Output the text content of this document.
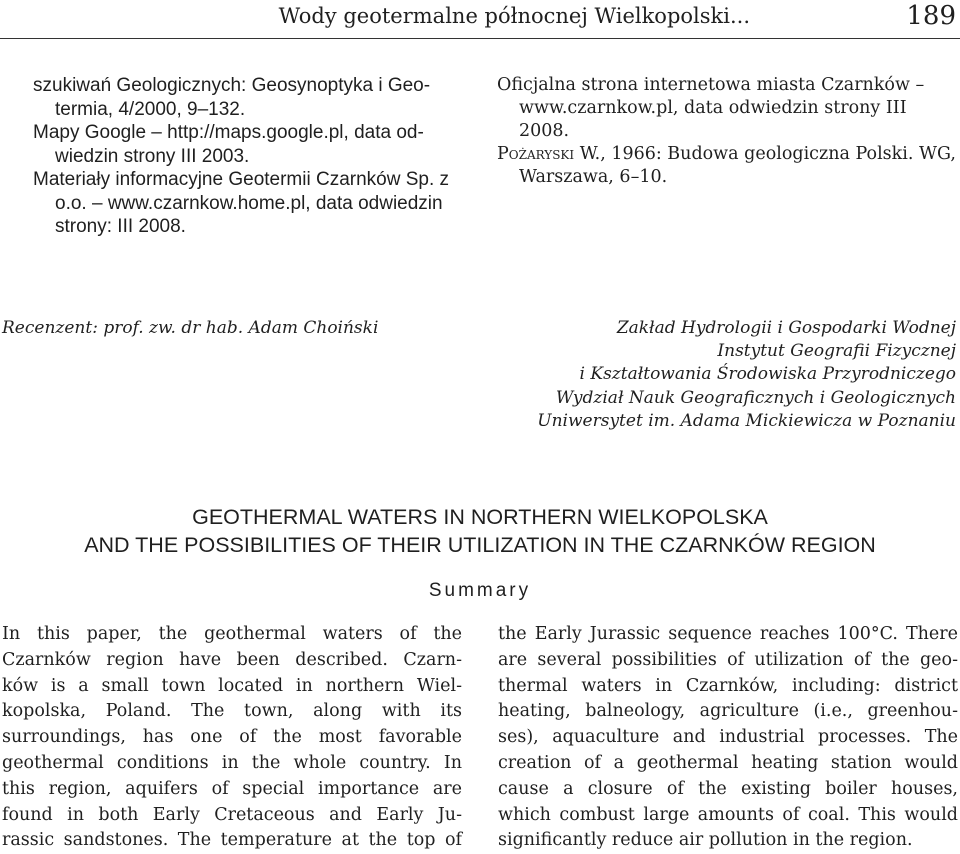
Wody geotermalne północnej Wielkopolski...	189

szukiwań Geologicznych: Geosynoptyka i Geotermia, 4/2000, 9–132.

Mapy Google – http://maps.google.pl, data odwiedzin strony III 2003.

Materiały informacyjne Geotermii Czarnków Sp. z o.o. – www.czarnkow.home.pl, data odwiedzin strony: III 2008.

Oficjalna strona internetowa miasta Czarnków – www.czarnkow.pl, data odwiedzin strony III 2008.

Pożaryski W., 1966: Budowa geologiczna Polski. WG, Warszawa, 6–10.

Recenzent: prof. zw. dr hab. Adam Choiński	Zakład Hydrologii i Gospodarki Wodnej
Instytut Geografii Fizycznej
i Kształtowania Środowiska Przyrodniczego
Wydział Nauk Geograficznych i Geologicznych
Uniwersytet im. Adama Mickiewicza w Poznaniu
GEOTHERMAL WATERS IN NORTHERN WIELKOPOLSKA
AND THE POSSIBILITIES OF THEIR UTILIZATION IN THE CZARNKÓW REGION
Summary
In this paper, the geothermal waters of the
Czarnków region have been described. Czarn-
ków is a small town located in northern Wiel-
kopolska, Poland. The town, along with its
surroundings, has one of the most favorable
geothermal conditions in the whole country. In
this region, aquifers of special importance are
found in both Early Cretaceous and Early Ju-
rassic sandstones. The temperature at the top of
the Early Jurassic sequence reaches 100°C. There
are several possibilities of utilization of the geo-
thermal waters in Czarnków, including: district
heating, balneology, agriculture (i.e., greenhou-
ses), aquaculture and industrial processes. The
creation of a geothermal heating station would
cause a closure of the existing boiler houses,
which combust large amounts of coal. This would
significantly reduce air pollution in the region.
